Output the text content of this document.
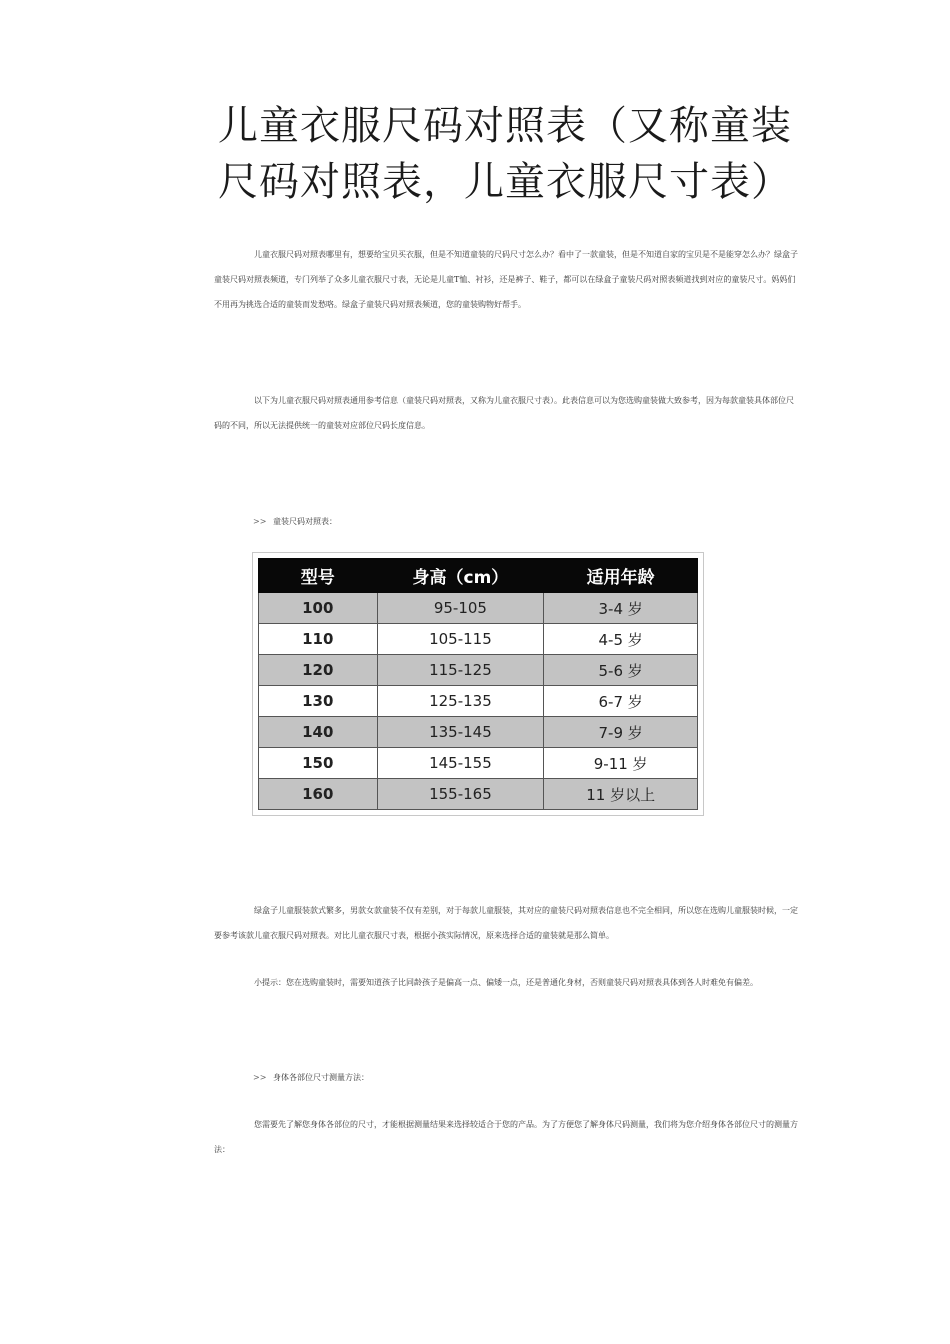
儿童衣服尺码对照表（又称童装尺码对照表，儿童衣服尺寸表）

儿童衣服尺码对照表哪里有，想要给宝贝买衣服，但是不知道童装的尺码尺寸怎么办？看中了一款童装，但是不知道自家的宝贝是不是能穿怎么办？绿盒子童装尺码对照表频道，专门列举了众多儿童衣服尺寸表，无论是儿童T恤、衬衫，还是裤子、鞋子，都可以在绿盒子童装尺码对照表频道找到对应的童装尺寸。妈妈们不用再为挑选合适的童装而发愁咯。绿盒子童装尺码对照表频道，您的童装购物好帮手。

以下为儿童衣服尺码对照表通用参考信息（童装尺码对照表，又称为儿童衣服尺寸表）。此表信息可以为您选购童装做大致参考，因为每款童装具体部位尺码的不同，所以无法提供统一的童装对应部位尺码长度信息。

>> 童装尺码对照表：
型号	身高（cm）	适用年龄
100	95-105	3-4 岁
110	105-115	4-5 岁
120	115-125	5-6 岁
130	125-135	6-7 岁
140	135-145	7-9 岁
150	145-155	9-11 岁
160	155-165	11 岁以上

绿盒子儿童服装款式繁多，男款女款童装不仅有差别，对于每款儿童服装，其对应的童装尺码对照表信息也不完全相同，所以您在选购儿童服装时候，一定要参考该款儿童衣服尺码对照表。对比儿童衣服尺寸表，根据小孩实际情况，原来选择合适的童装就是那么简单。

小提示：您在选购童装时，需要知道孩子比同龄孩子是偏高一点、偏矮一点，还是普通化身材，否则童装尺码对照表具体到各人时难免有偏差。

>> 身体各部位尺寸测量方法：

您需要先了解您身体各部位的尺寸，才能根据测量结果来选择较适合于您的产品。为了方便您了解身体尺码测量，我们将为您介绍身体各部位尺寸的测量方法：
